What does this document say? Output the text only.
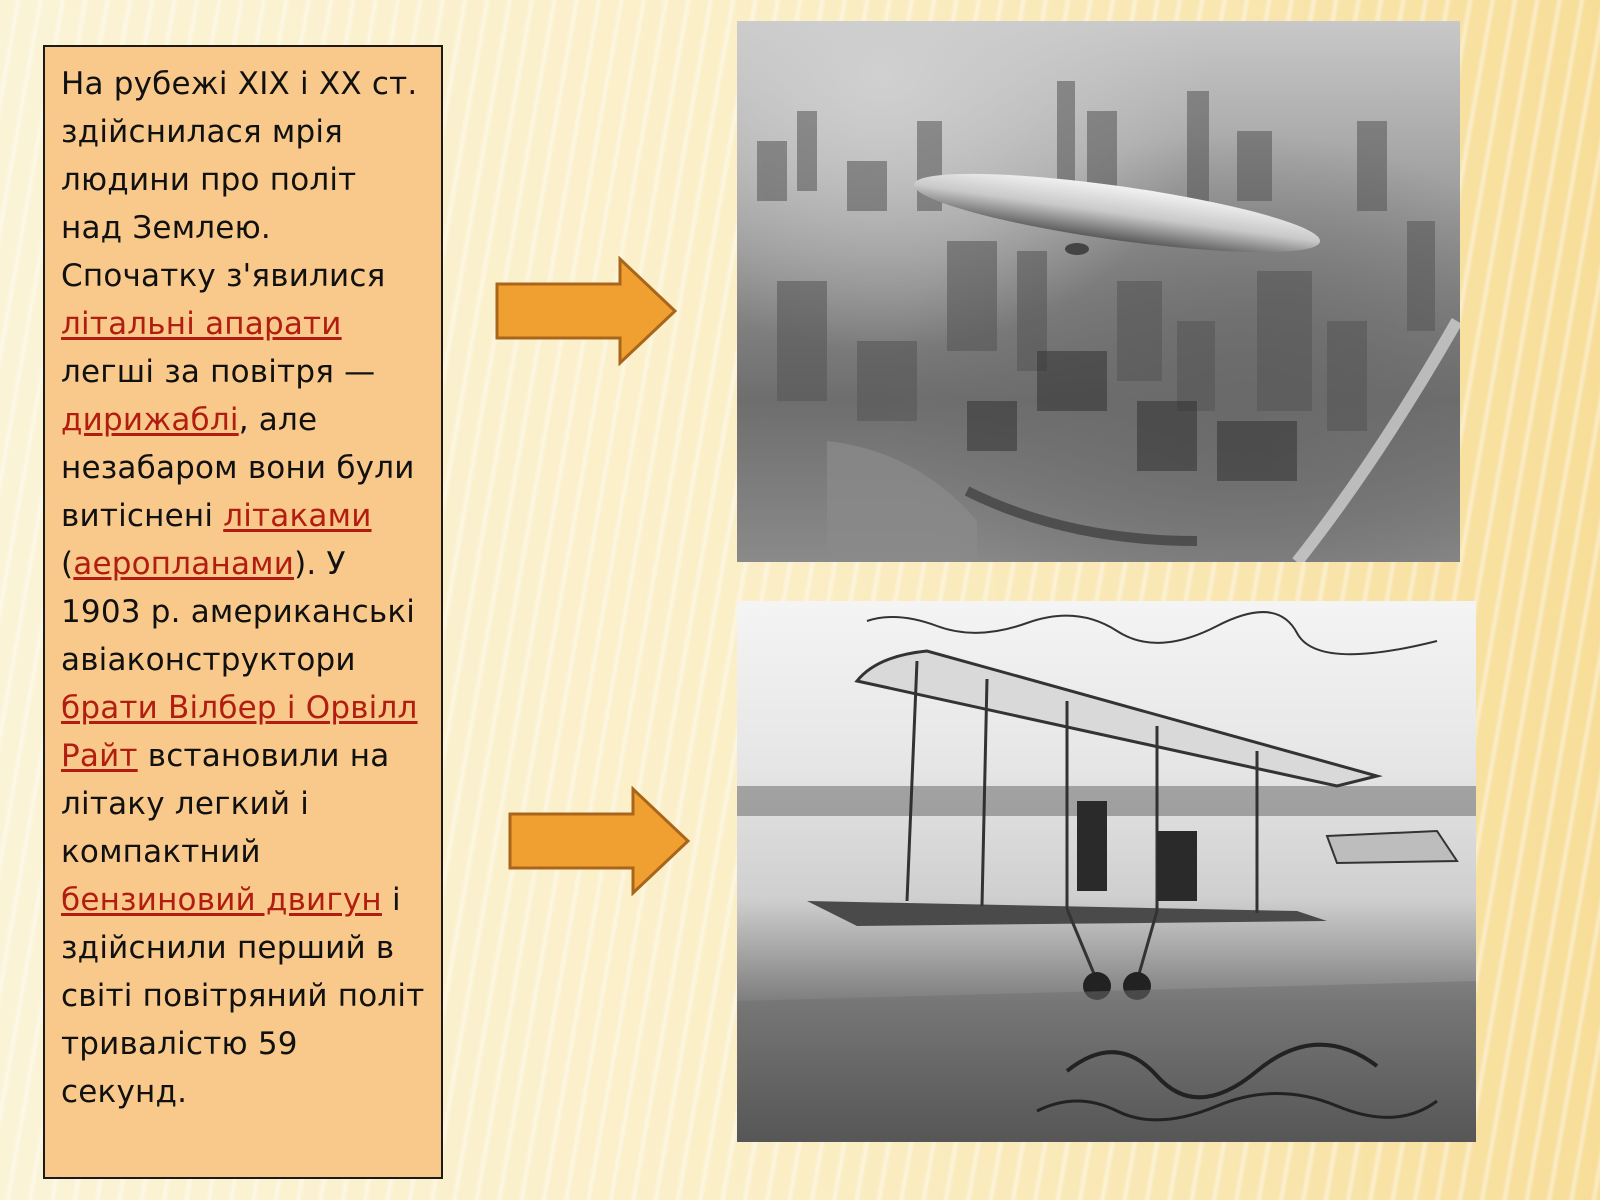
На рубежі XIX і XX ст. здійснилася мрія людини про політ над Землею. Спочатку з'явилися літальні апарати легші за повітря — дирижаблі, але незабаром вони були витіснені літаками (аеропланами). У 1903 р. американські авіаконструктори брати Вілбер і Орвілл Райт встановили на літаку легкий і компактний бензиновий двигун і здійснили перший в світі повітряний політ тривалістю 59 секунд.
